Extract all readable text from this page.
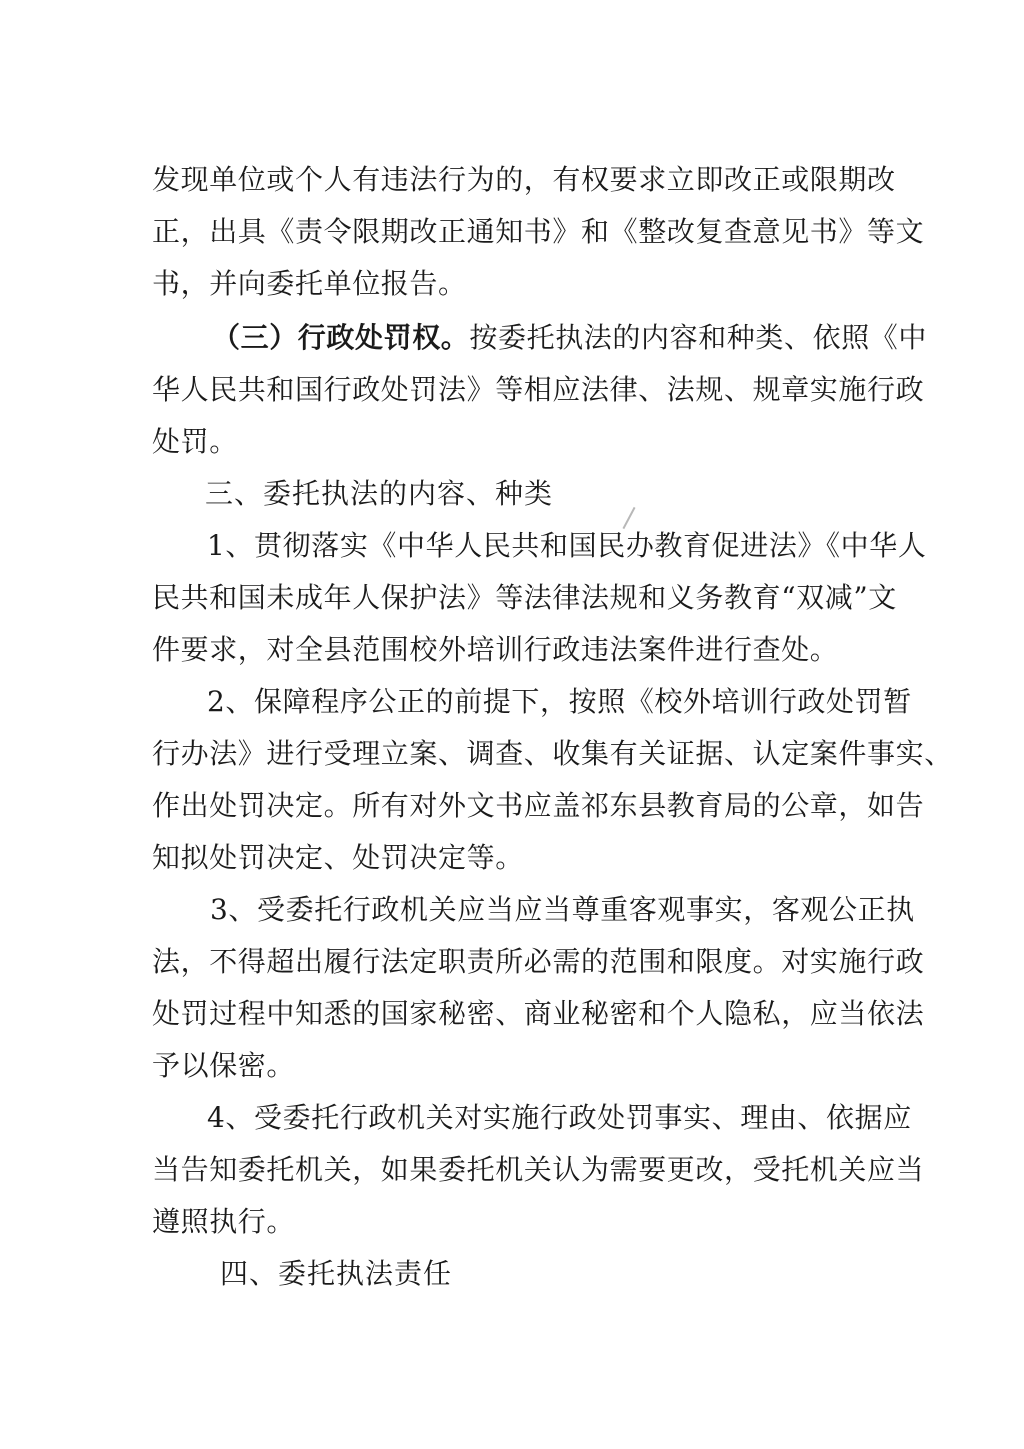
发现单位或个人有违法行为的，有权要求立即改正或限期改
正，出具《责令限期改正通知书》和《整改复查意见书》等文
书，并向委托单位报告。
（三）行政处罚权。按委托执法的内容和种类、依照《中
华人民共和国行政处罚法》等相应法律、法规、规章实施行政
处罚。
三、委托执法的内容、种类
1、贯彻落实《中华人民共和国民办教育促进法》《中华人
民共和国未成年人保护法》等法律法规和义务教育“双减”文
件要求，对全县范围校外培训行政违法案件进行查处。
2、保障程序公正的前提下，按照《校外培训行政处罚暂
行办法》进行受理立案、调查、收集有关证据、认定案件事实、
作出处罚决定。所有对外文书应盖祁东县教育局的公章，如告
知拟处罚决定、处罚决定等。
3、受委托行政机关应当应当尊重客观事实，客观公正执
法，不得超出履行法定职责所必需的范围和限度。对实施行政
处罚过程中知悉的国家秘密、商业秘密和个人隐私，应当依法
予以保密。
4、受委托行政机关对实施行政处罚事实、理由、依据应
当告知委托机关，如果委托机关认为需要更改，受托机关应当
遵照执行。
四、委托执法责任
